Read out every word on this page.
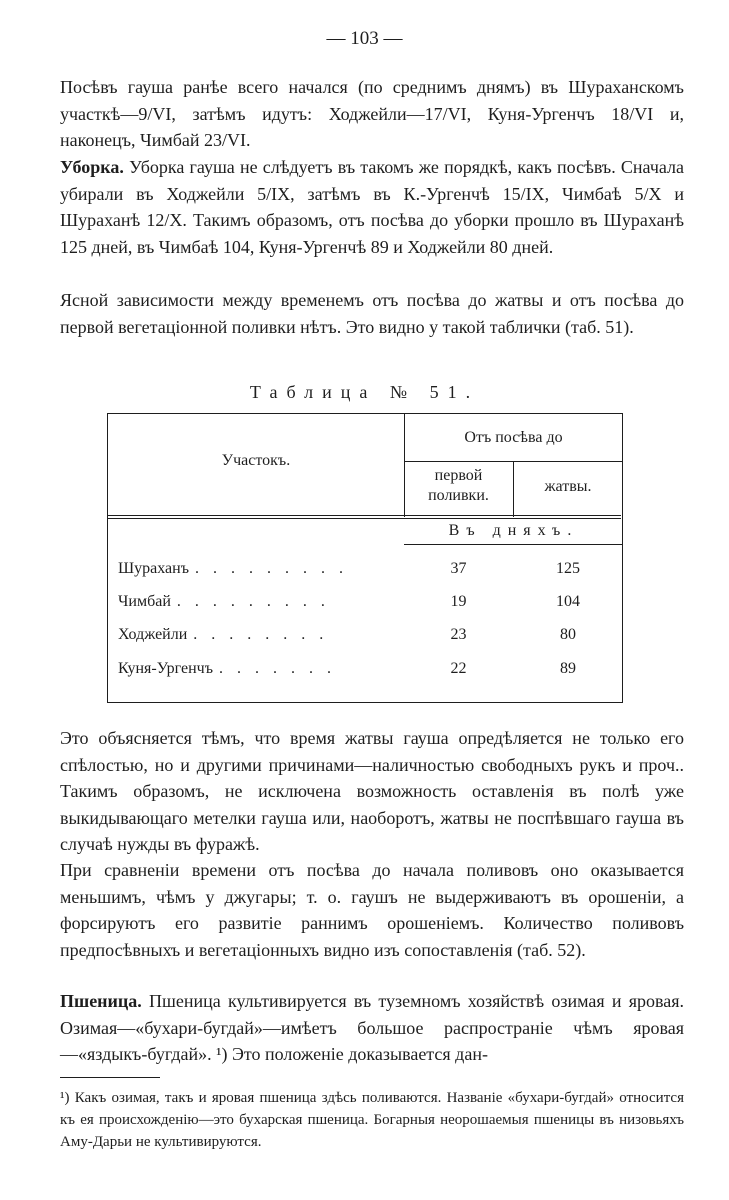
— 103 —

Посѣвъ гауша ранѣе всего начался (по среднимъ днямъ) въ Шураханскомъ участкѣ—9/VI, затѣмъ идутъ: Ходжейли—17/VI, Куня-Ургенчъ 18/VI и, наконецъ, Чимбай 23/VI.

Уборка. Уборка гауша не слѣдуетъ въ такомъ же порядкѣ, какъ посѣвъ. Сначала убирали въ Ходжейли 5/IX, затѣмъ въ К.-Ургенчѣ 15/IX, Чимбаѣ 5/X и Шураханѣ 12/X. Такимъ образомъ, отъ посѣва до уборки прошло въ Шураханѣ 125 дней, въ Чимбаѣ 104, Куня-Ургенчѣ 89 и Ходжейли 80 дней.

Ясной зависимости между временемъ отъ посѣва до жатвы и отъ посѣва до первой вегетаціонной поливки нѣтъ. Это видно у такой таблички (таб. 51).

Таблица № 51.
Участокъ.
Отъ посѣва до
первой поливки.
жатвы.
Въ дняхъ.
Шураханъ . . . . . . . . .	37	125
Чимбай . . . . . . . . .	19	104
Ходжейли . . . . . . . .	23	80
Куня-Ургенчъ . . . . . . .	22	89

Это объясняется тѣмъ, что время жатвы гауша опредѣляется не только его спѣлостью, но и другими причинами—наличностью свободныхъ рукъ и проч.. Такимъ образомъ, не исключена возможность оставленія въ полѣ уже выкидывающаго метелки гауша или, наоборотъ, жатвы не поспѣвшаго гауша въ случаѣ нужды въ фуражѣ.

При сравненіи времени отъ посѣва до начала поливовъ оно оказывается меньшимъ, чѣмъ у джугары; т. о. гаушъ не выдерживаютъ въ орошеніи, а форсируютъ его развитіе раннимъ орошеніемъ. Количество поливовъ предпосѣвныхъ и вегетаціонныхъ видно изъ сопоставленія (таб. 52).

Пшеница. Пшеница культивируется въ туземномъ хозяйствѣ озимая и яровая. Озимая—«бухари-бугдай»—имѣетъ большое распространіе чѣмъ яровая—«яздыкъ-бугдай». ¹) Это положеніе доказывается дан-

¹) Какъ озимая, такъ и яровая пшеница здѣсь поливаются. Названіе «бухари-бугдай» относится къ ея происхожденію—это бухарская пшеница. Богарныя неорошаемыя пшеницы въ низовьяхъ Аму-Дарьи не культивируются.
